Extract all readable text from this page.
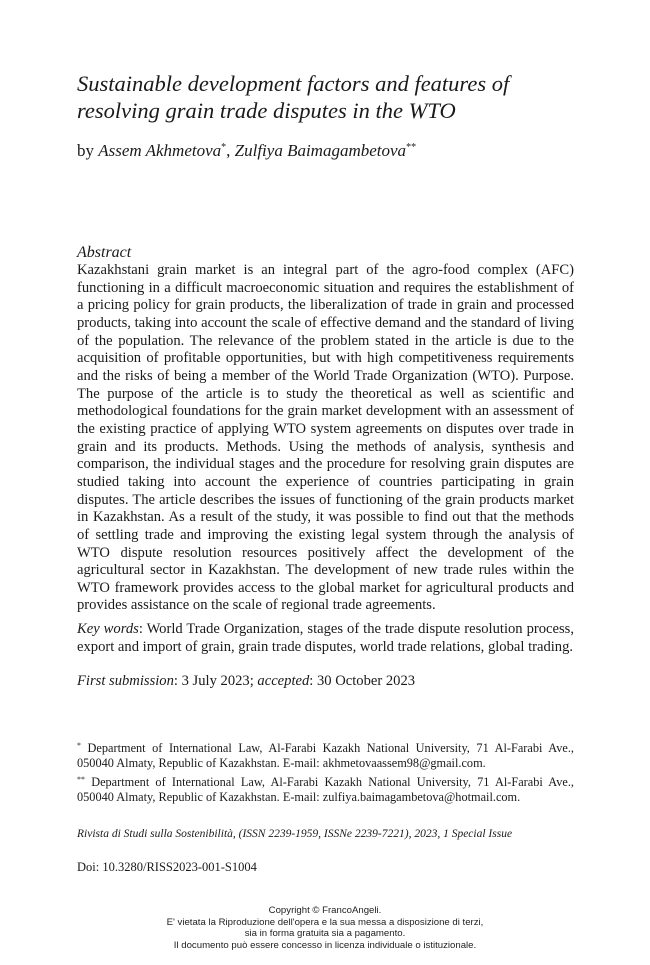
Sustainable development factors and features of resolving grain trade disputes in the WTO
by Assem Akhmetova*, Zulfiya Baimagambetova**
Abstract

Kazakhstani grain market is an integral part of the agro-food complex (AFC) functioning in a difficult macroeconomic situation and requires the establishment of a pricing policy for grain products, the liberalization of trade in grain and processed products, taking into account the scale of effective demand and the standard of living of the population. The relevance of the problem stated in the article is due to the acquisition of profitable opportunities, but with high competitiveness requirements and the risks of being a member of the World Trade Organization (WTO). Purpose. The purpose of the article is to study the theoretical as well as scientific and methodological foundations for the grain market development with an assessment of the existing practice of applying WTO system agreements on disputes over trade in grain and its products. Methods. Using the methods of analysis, synthesis and comparison, the individual stages and the procedure for resolving grain disputes are studied taking into account the experience of countries participating in grain disputes. The article describes the issues of functioning of the grain products market in Kazakhstan. As a result of the study, it was possible to find out that the methods of settling trade and improving the existing legal system through the analysis of WTO dispute resolution resources positively affect the development of the agricultural sector in Kazakhstan. The development of new trade rules within the WTO framework provides access to the global market for agricultural products and provides assistance on the scale of regional trade agreements.

Key words: World Trade Organization, stages of the trade dispute resolution process, export and import of grain, grain trade disputes, world trade relations, global trading.

First submission: 3 July 2023; accepted: 30 October 2023

* Department of International Law, Al-Farabi Kazakh National University, 71 Al-Farabi Ave., 050040 Almaty, Republic of Kazakhstan. E-mail: akhmetovaassem98@gmail.com.

** Department of International Law, Al-Farabi Kazakh National University, 71 Al-Farabi Ave., 050040 Almaty, Republic of Kazakhstan. E-mail: zulfiya.baimagambetova@hotmail.com.

Rivista di Studi sulla Sostenibilità, (ISSN 2239-1959, ISSNe 2239-7221), 2023, 1 Special Issue
Doi: 10.3280/RISS2023-001-S1004
Copyright © FrancoAngeli.
E' vietata la Riproduzione dell'opera e la sua messa a disposizione di terzi,
sia in forma gratuita sia a pagamento.
Il documento può essere concesso in licenza individuale o istituzionale.
